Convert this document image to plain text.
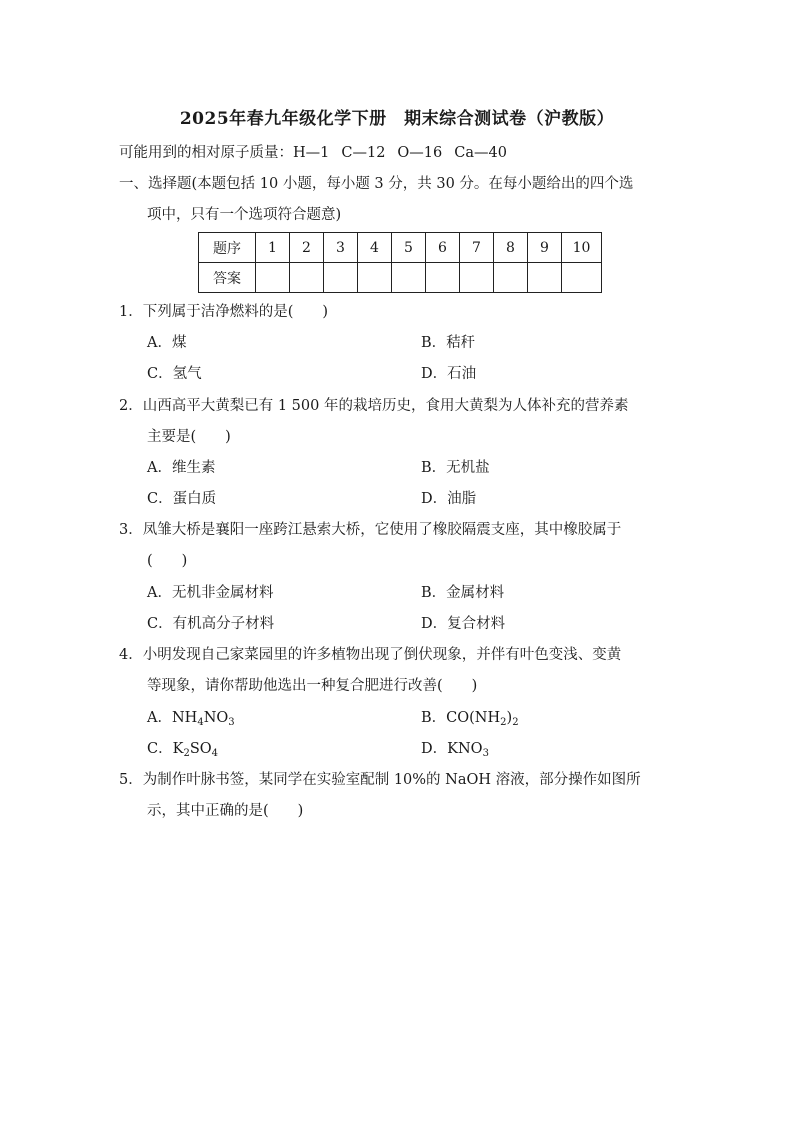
2025年春九年级化学下册　期末综合测试卷（沪教版）
可能用到的相对原子质量：H—1 C—12 O—16 Ca—40
一、选择题(本题包括 10 小题，每小题 3 分，共 30 分。在每小题给出的四个选
项中，只有一个选项符合题意)
题序	1	2	3	4	5	6	7	8	9	10
答案										
1．下列属于洁净燃料的是(　　)
A．煤	B．秸秆
C．氢气	D．石油
2．山西高平大黄梨已有 1 500 年的栽培历史，食用大黄梨为人体补充的营养素
主要是(　　)
A．维生素	B．无机盐
C．蛋白质	D．油脂
3．凤雏大桥是襄阳一座跨江悬索大桥，它使用了橡胶隔震支座，其中橡胶属于
(　　)
A．无机非金属材料	B．金属材料
C．有机高分子材料	D．复合材料
4．小明发现自己家菜园里的许多植物出现了倒伏现象，并伴有叶色变浅、变黄
等现象，请你帮助他选出一种复合肥进行改善(　　)
A．$NH_4NO_3$	B．$CO(NH_2)_2$
C．$K_2SO_4$	D．$KNO_3$
5．为制作叶脉书签，某同学在实验室配制 10%的 NaOH 溶液，部分操作如图所
示，其中正确的是(　　)
